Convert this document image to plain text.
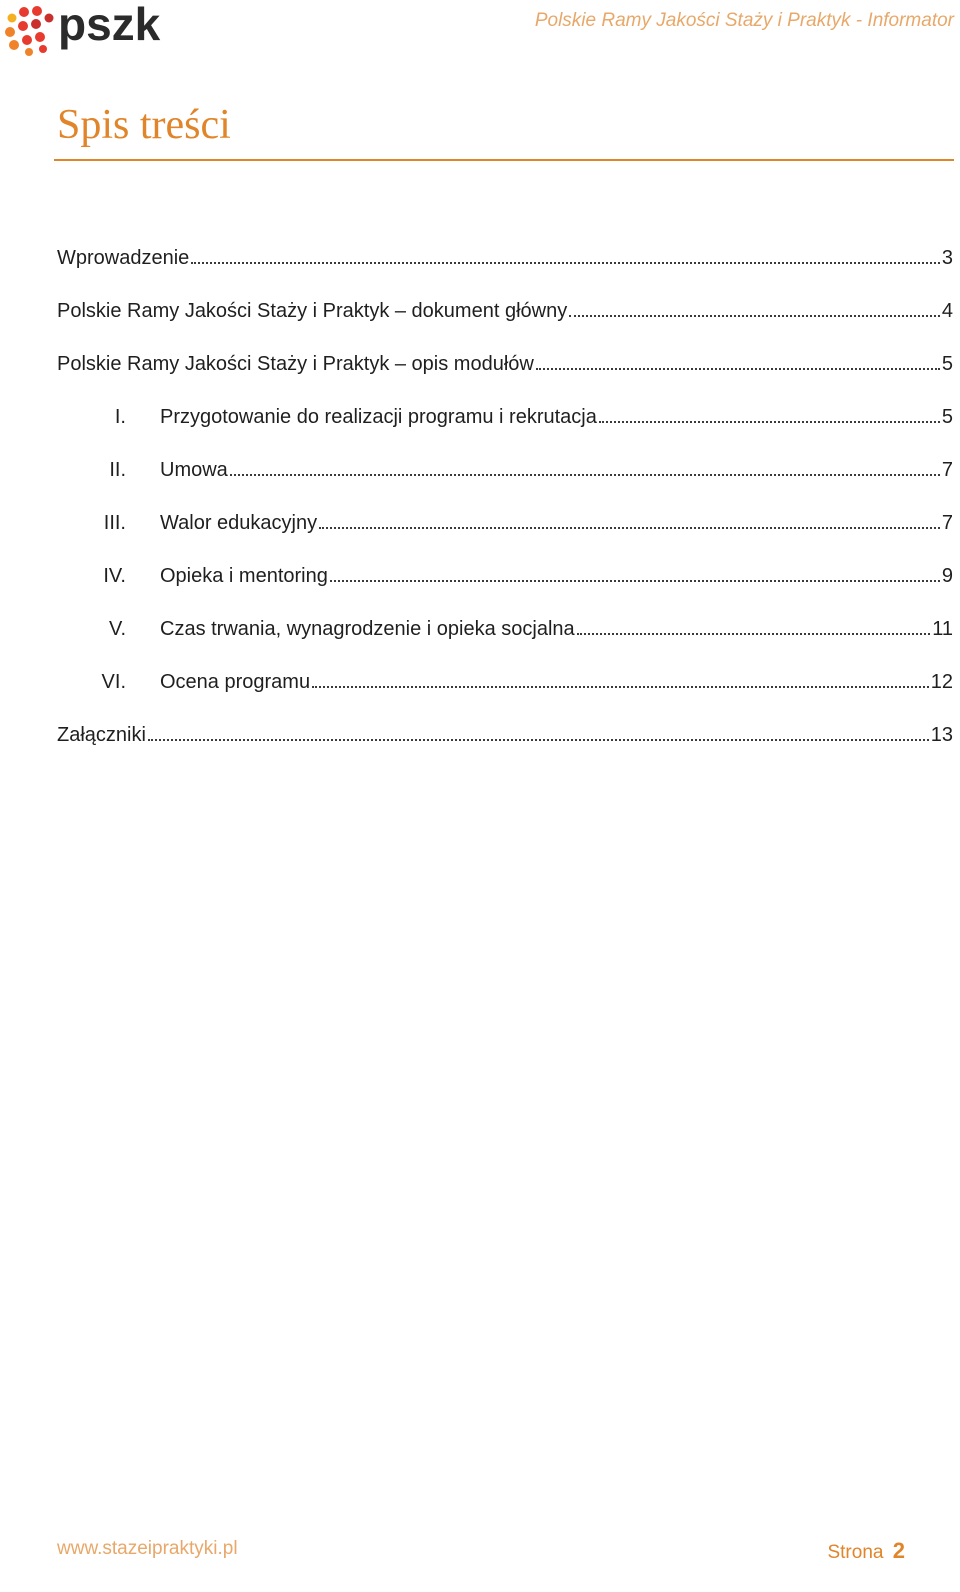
pszk	Polskie Ramy Jakości Staży i Praktyk - Informator
Spis treści
Wprowadzenie	3
Polskie Ramy Jakości Staży i Praktyk – dokument główny	4
Polskie Ramy Jakości Staży i Praktyk – opis modułów	5
I. Przygotowanie do realizacji programu i rekrutacja	5
II. Umowa	7
III. Walor edukacyjny	7
IV. Opieka i mentoring	9
V. Czas trwania, wynagrodzenie i opieka socjalna	11
VI. Ocena programu	12
Załączniki	13
www.stazeipraktyki.pl	Strona 2
